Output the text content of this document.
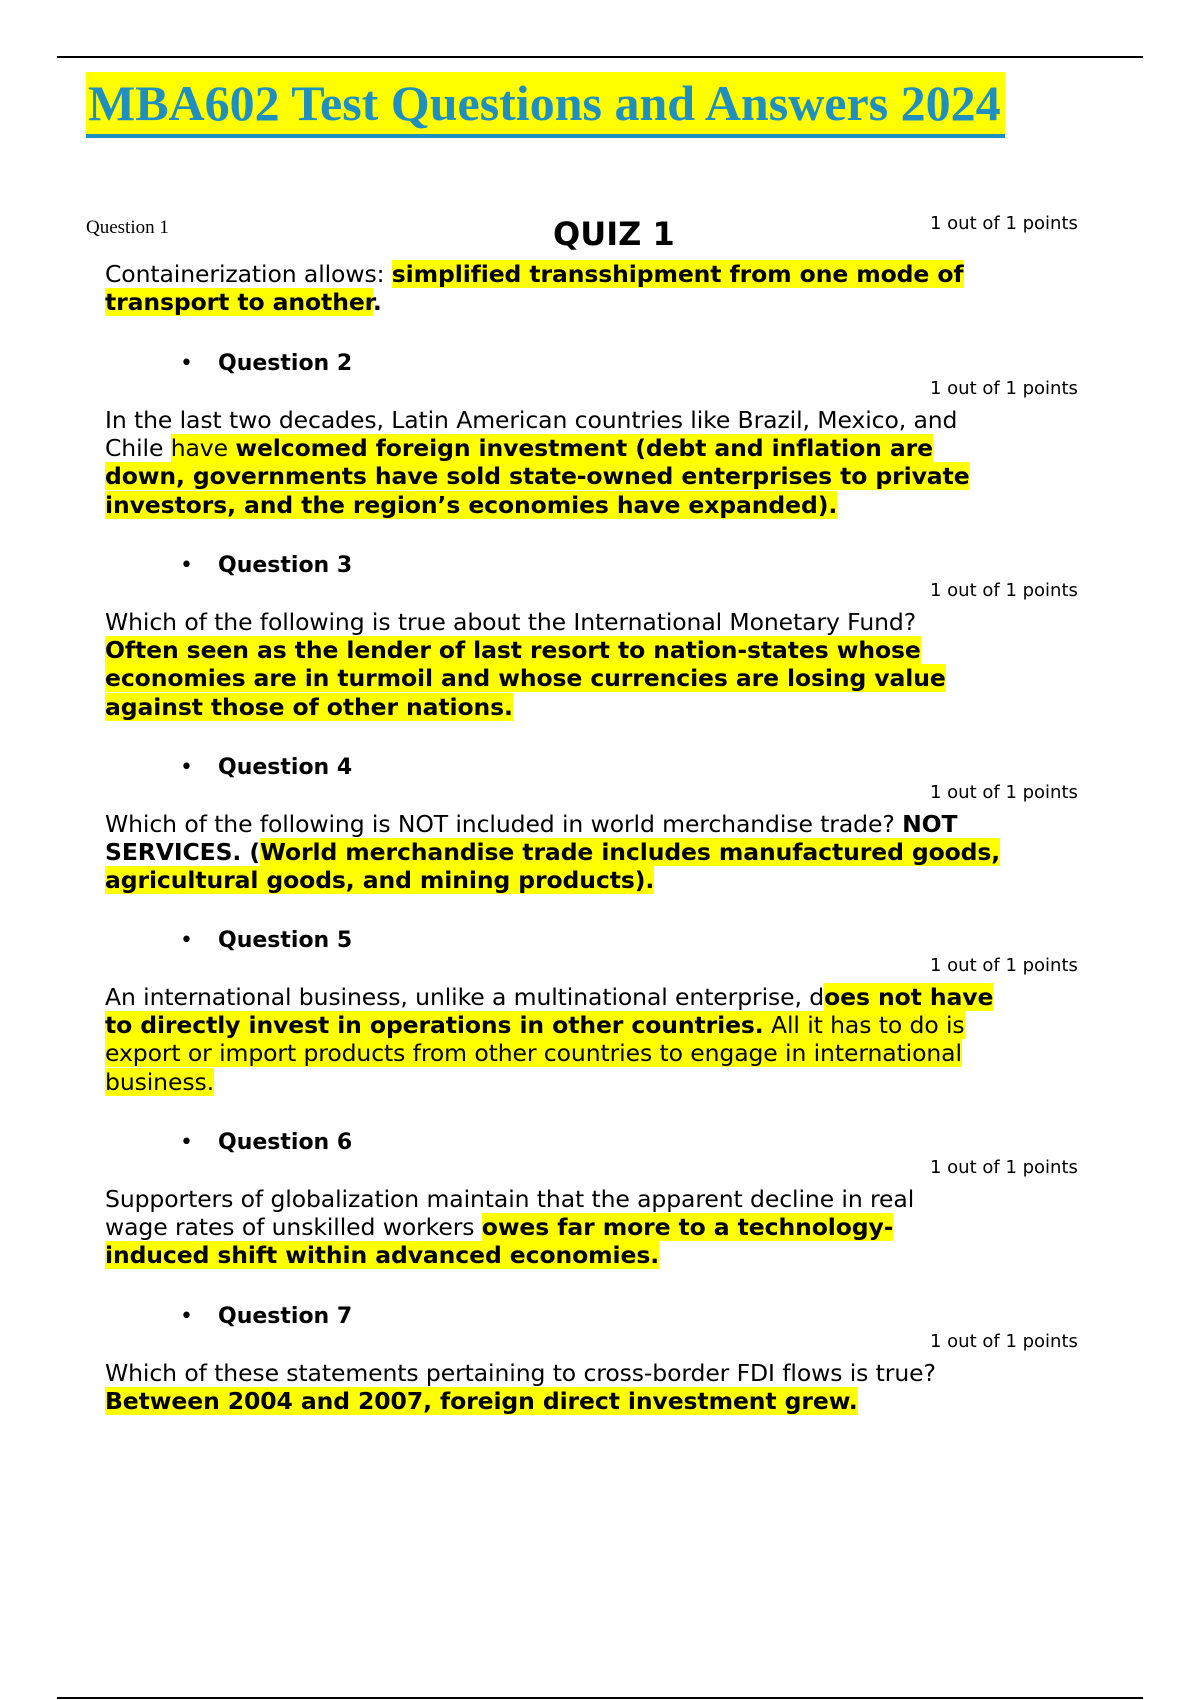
MBA602 Test Questions and Answers 2024
Question 1	QUIZ 1	1 out of 1 points

Containerization allows: simplified transshipment from one mode of transport to another.

• Question 2
1 out of 1 points

In the last two decades, Latin American countries like Brazil, Mexico, and Chile have welcomed foreign investment (debt and inflation are down, governments have sold state-owned enterprises to private investors, and the region’s economies have expanded).

• Question 3
1 out of 1 points

Which of the following is true about the International Monetary Fund? Often seen as the lender of last resort to nation-states whose economies are in turmoil and whose currencies are losing value against those of other nations.

• Question 4
1 out of 1 points

Which of the following is NOT included in world merchandise trade? NOT SERVICES. (World merchandise trade includes manufactured goods, agricultural goods, and mining products).

• Question 5
1 out of 1 points

An international business, unlike a multinational enterprise, does not have to directly invest in operations in other countries. All it has to do is export or import products from other countries to engage in international business.

• Question 6
1 out of 1 points

Supporters of globalization maintain that the apparent decline in real wage rates of unskilled workers owes far more to a technology-induced shift within advanced economies.

• Question 7
1 out of 1 points

Which of these statements pertaining to cross-border FDI flows is true? Between 2004 and 2007, foreign direct investment grew.
